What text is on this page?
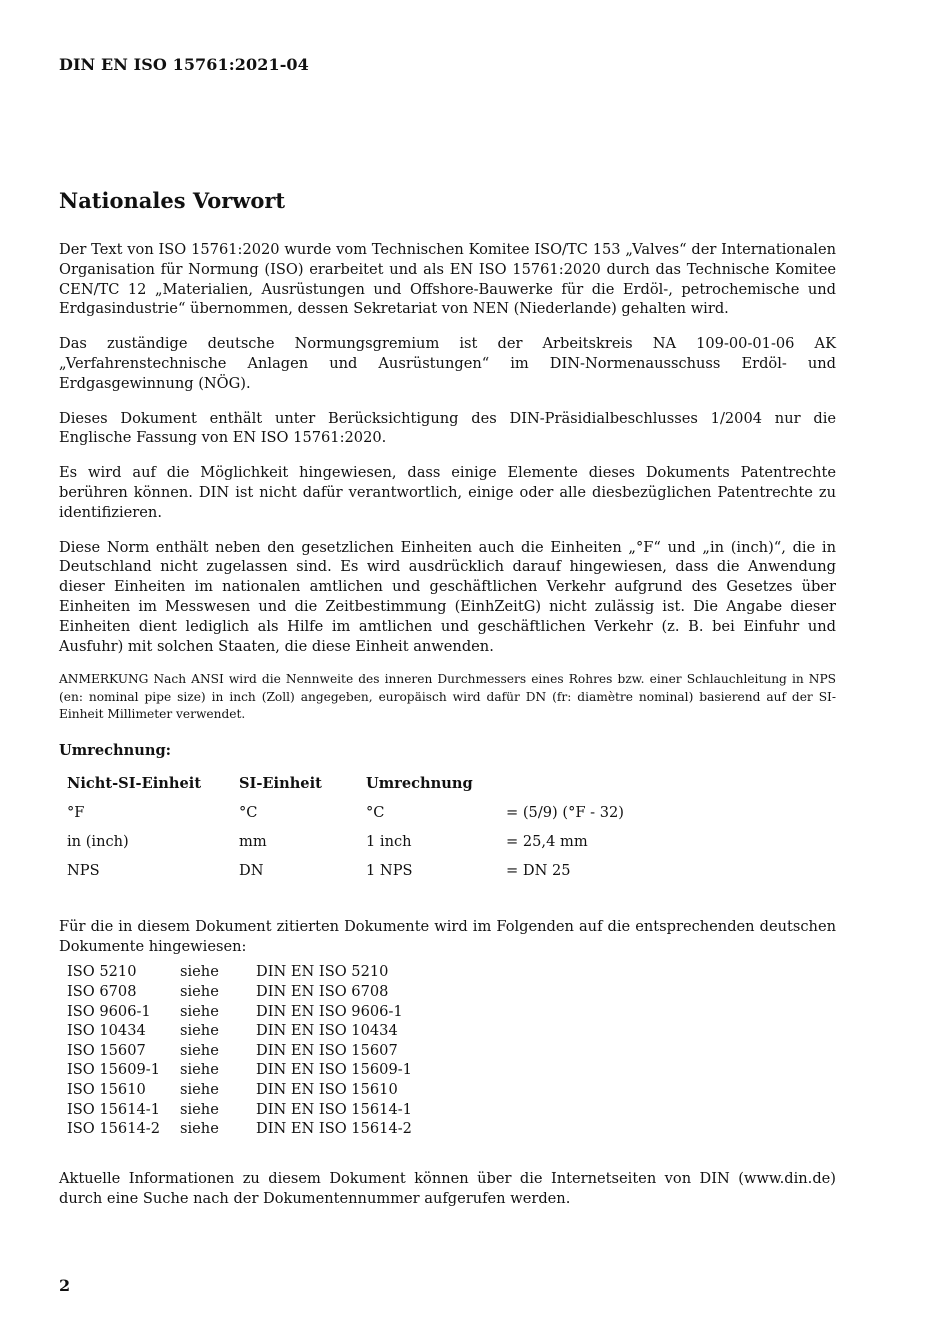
DIN EN ISO 15761:2021-04
Nationales Vorwort

Der Text von ISO 15761:2020 wurde vom Technischen Komitee ISO/TC 153 „Valves“ der Internationalen Organisation für Normung (ISO) erarbeitet und als EN ISO 15761:2020 durch das Technische Komitee CEN/TC 12 „Materialien, Ausrüstungen und Offshore-Bauwerke für die Erdöl-, petrochemische und Erdgasindustrie“ übernommen, dessen Sekretariat von NEN (Niederlande) gehalten wird.

Das zuständige deutsche Normungsgremium ist der Arbeitskreis NA 109-00-01-06 AK „Verfahrenstechnische Anlagen und Ausrüstungen“ im DIN-Normenausschuss Erdöl- und Erdgasgewinnung (NÖG).

Dieses Dokument enthält unter Berücksichtigung des DIN-Präsidialbeschlusses 1/2004 nur die Englische Fassung von EN ISO 15761:2020.

Es wird auf die Möglichkeit hingewiesen, dass einige Elemente dieses Dokuments Patentrechte berühren können. DIN ist nicht dafür verantwortlich, einige oder alle diesbezüglichen Patentrechte zu identifizieren.

Diese Norm enthält neben den gesetzlichen Einheiten auch die Einheiten „°F“ und „in (inch)“, die in Deutschland nicht zugelassen sind. Es wird ausdrücklich darauf hingewiesen, dass die Anwendung dieser Einheiten im nationalen amtlichen und geschäftlichen Verkehr aufgrund des Gesetzes über Einheiten im Messwesen und die Zeitbestimmung (EinhZeitG) nicht zulässig ist. Die Angabe dieser Einheiten dient lediglich als Hilfe im amtlichen und geschäftlichen Verkehr (z. B. bei Einfuhr und Ausfuhr) mit solchen Staaten, die diese Einheit anwenden.

ANMERKUNG Nach ANSI wird die Nennweite des inneren Durchmessers eines Rohres bzw. einer Schlauchleitung in NPS (en: nominal pipe size) in inch (Zoll) angegeben, europäisch wird dafür DN (fr: diamètre nominal) basierend auf der SI-Einheit Millimeter verwendet.

Umrechnung:
Nicht-SI-Einheit	SI-Einheit	Umrechnung	
°F	°C	°C	= (5/9) (°F - 32)
in (inch)	mm	1 inch	= 25,4 mm
NPS	DN	1 NPS	= DN 25

Für die in diesem Dokument zitierten Dokumente wird im Folgenden auf die entsprechenden deutschen Dokumente hingewiesen:

ISO 5210	siehe	DIN EN ISO 5210
ISO 6708	siehe	DIN EN ISO 6708
ISO 9606-1	siehe	DIN EN ISO 9606-1
ISO 10434	siehe	DIN EN ISO 10434
ISO 15607	siehe	DIN EN ISO 15607
ISO 15609-1	siehe	DIN EN ISO 15609-1
ISO 15610	siehe	DIN EN ISO 15610
ISO 15614-1	siehe	DIN EN ISO 15614-1
ISO 15614-2	siehe	DIN EN ISO 15614-2

Aktuelle Informationen zu diesem Dokument können über die Internetseiten von DIN (www.din.de) durch eine Suche nach der Dokumentennummer aufgerufen werden.

2
